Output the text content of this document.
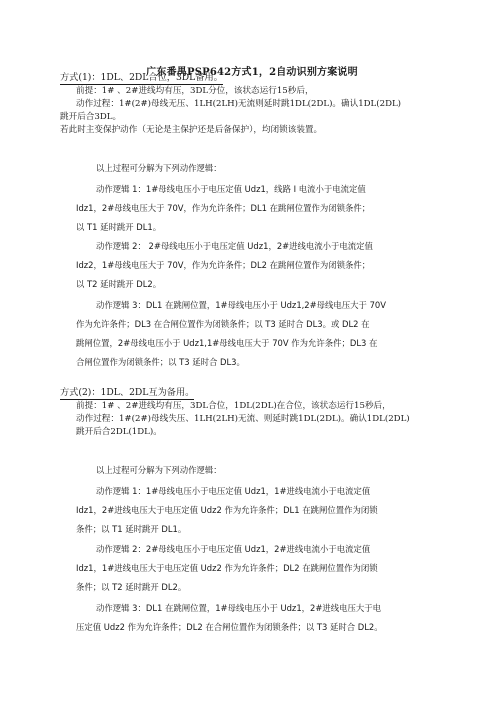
广东番禺PSP642方式1，2自动识别方案说明
方式(1)：1DL、2DL合位，3DL备用。
前提：1# 、2#进线均有压，3DL分位，该状态运行15秒后，
动作过程：1#(2#)母线无压、1LH(2LH)无流则延时跳1DL(2DL)。确认1DL(2DL)
跳开后合3DL。
若此时主变保护动作（无论是主保护还是后备保护），均闭锁该装置。
以上过程可分解为下列动作逻辑：
动作逻辑 1：1#母线电压小于电压定值 Udz1，线路 I 电流小于电流定值
Idz1，2#母线电压大于 70V，作为允许条件；DL1 在跳闸位置作为闭锁条件；
以 T1 延时跳开 DL1。
动作逻辑 2： 2#母线电压小于电压定值 Udz1，2#进线电流小于电流定值
Idz2，1#母线电压大于 70V，作为允许条件；DL2 在跳闸位置作为闭锁条件；
以 T2 延时跳开 DL2。
动作逻辑 3：DL1 在跳闸位置，1#母线电压小于 Udz1,2#母线电压大于 70V
作为允许条件；DL3 在合闸位置作为闭锁条件；以 T3 延时合 DL3。或 DL2 在
跳闸位置，2#母线电压小于 Udz1,1#母线电压大于 70V 作为允许条件；DL3 在
合闸位置作为闭锁条件；以 T3 延时合 DL3。
方式(2)：1DL、2DL互为备用。
前提：1# 、2#进线均有压，3DL合位，1DL(2DL)在合位，该状态运行15秒后，
动作过程：1#(2#)母线失压、1LH(2LH)无流、则延时跳1DL(2DL)。确认1DL(2DL)
跳开后合2DL(1DL)。
以上过程可分解为下列动作逻辑：
动作逻辑 1：1#母线电压小于电压定值 Udz1，1#进线电流小于电流定值
Idz1，2#进线电压大于电压定值 Udz2 作为允许条件；DL1 在跳闸位置作为闭锁
条件；以 T1 延时跳开 DL1。
动作逻辑 2：2#母线电压小于电压定值 Udz1，2#进线电流小于电流定值
Idz1，1#进线电压大于电压定值 Udz2 作为允许条件；DL2 在跳闸位置作为闭锁
条件；以 T2 延时跳开 DL2。
动作逻辑 3：DL1 在跳闸位置，1#母线电压小于 Udz1，2#进线电压大于电
压定值 Udz2 作为允许条件；DL2 在合闸位置作为闭锁条件；以 T3 延时合 DL2。
